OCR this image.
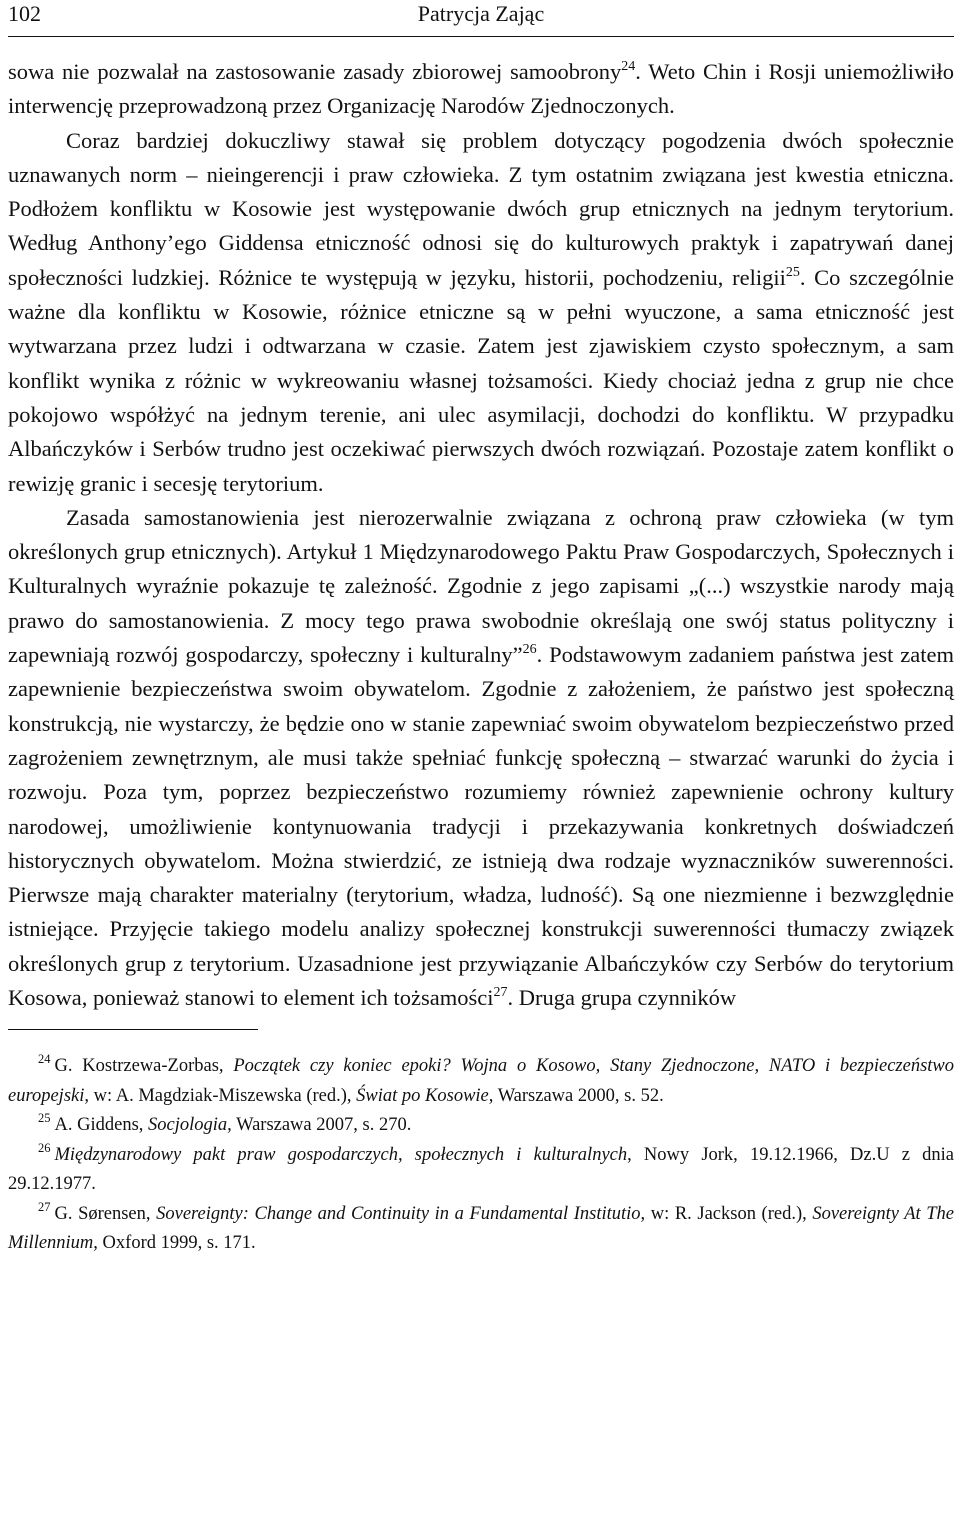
102	Patrycja Zając

sowa nie pozwalał na zastosowanie zasady zbiorowej samoobrony$^{24}$. Weto Chin i Rosji uniemożliwiło interwencję przeprowadzoną przez Organizację Narodów Zjednoczonych.

Coraz bardziej dokuczliwy stawał się problem dotyczący pogodzenia dwóch społecznie uznawanych norm – nieingerencji i praw człowieka. Z tym ostatnim związana jest kwestia etniczna. Podłożem konfliktu w Kosowie jest występowanie dwóch grup etnicznych na jednym terytorium. Według Anthony’ego Giddensa etniczność odnosi się do kulturowych praktyk i zapatrywań danej społeczności ludzkiej. Różnice te występują w języku, historii, pochodzeniu, religii$^{25}$. Co szczególnie ważne dla konfliktu w Kosowie, różnice etniczne są w pełni wyuczone, a sama etniczność jest wytwarzana przez ludzi i odtwarzana w czasie. Zatem jest zjawiskiem czysto społecznym, a sam konflikt wynika z różnic w wykreowaniu własnej tożsamości. Kiedy chociaż jedna z grup nie chce pokojowo współżyć na jednym terenie, ani ulec asymilacji, dochodzi do konfliktu. W przypadku Albańczyków i Serbów trudno jest oczekiwać pierwszych dwóch rozwiązań. Pozostaje zatem konflikt o rewizję granic i secesję terytorium.

Zasada samostanowienia jest nierozerwalnie związana z ochroną praw człowieka (w tym określonych grup etnicznych). Artykuł 1 Międzynarodowego Paktu Praw Gospodarczych, Społecznych i Kulturalnych wyraźnie pokazuje tę zależność. Zgodnie z jego zapisami „(...) wszystkie narody mają prawo do samostanowienia. Z mocy tego prawa swobodnie określają one swój status polityczny i zapewniają rozwój gospodarczy, społeczny i kulturalny”$^{26}$. Podstawowym zadaniem państwa jest zatem zapewnienie bezpieczeństwa swoim obywatelom. Zgodnie z założeniem, że państwo jest społeczną konstrukcją, nie wystarczy, że będzie ono w stanie zapewniać swoim obywatelom bezpieczeństwo przed zagrożeniem zewnętrznym, ale musi także spełniać funkcję społeczną – stwarzać warunki do życia i rozwoju. Poza tym, poprzez bezpieczeństwo rozumiemy również zapewnienie ochrony kultury narodowej, umożliwienie kontynuowania tradycji i przekazywania konkretnych doświadczeń historycznych obywatelom. Można stwierdzić, ze istnieją dwa rodzaje wyznaczników suwerenności. Pierwsze mają charakter materialny (terytorium, władza, ludność). Są one niezmienne i bezwzględnie istniejące. Przyjęcie takiego modelu analizy społecznej konstrukcji suwerenności tłumaczy związek określonych grup z terytorium. Uzasadnione jest przywiązanie Albańczyków czy Serbów do terytorium Kosowa, ponieważ stanowi to element ich tożsamości$^{27}$. Druga grupa czynników

$^{24}$ G. Kostrzewa-Zorbas, Początek czy koniec epoki? Wojna o Kosowo, Stany Zjednoczone, NATO i bezpieczeństwo europejski, w: A. Magdziak-Miszewska (red.), Świat po Kosowie, Warszawa 2000, s. 52.

$^{25}$ A. Giddens, Socjologia, Warszawa 2007, s. 270.

$^{26}$ Międzynarodowy pakt praw gospodarczych, społecznych i kulturalnych, Nowy Jork, 19.12.1966, Dz.U z dnia 29.12.1977.

$^{27}$ G. Sørensen, Sovereignty: Change and Continuity in a Fundamental Institutio, w: R. Jackson (red.), Sovereignty At The Millennium, Oxford 1999, s. 171.
